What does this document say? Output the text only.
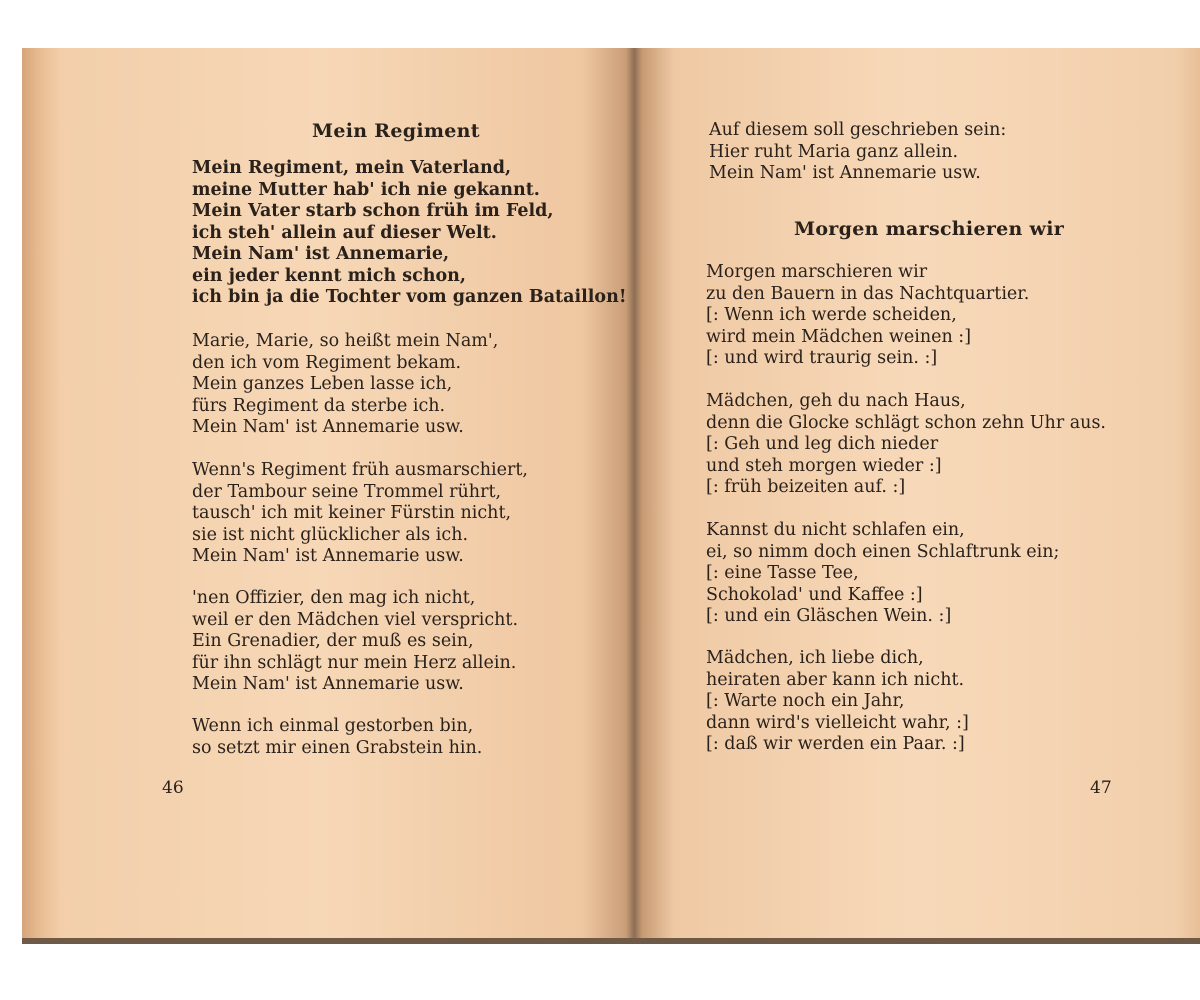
Mein Regiment
Mein Regiment, mein Vaterland,
meine Mutter hab' ich nie gekannt.
Mein Vater starb schon früh im Feld,
ich steh' allein auf dieser Welt.
Mein Nam' ist Annemarie,
ein jeder kennt mich schon,
ich bin ja die Tochter vom ganzen Bataillon!
Marie, Marie, so heißt mein Nam',
den ich vom Regiment bekam.
Mein ganzes Leben lasse ich,
fürs Regiment da sterbe ich.
Mein Nam' ist Annemarie usw.
Wenn's Regiment früh ausmarschiert,
der Tambour seine Trommel rührt,
tausch' ich mit keiner Fürstin nicht,
sie ist nicht glücklicher als ich.
Mein Nam' ist Annemarie usw.
'nen Offizier, den mag ich nicht,
weil er den Mädchen viel verspricht.
Ein Grenadier, der muß es sein,
für ihn schlägt nur mein Herz allein.
Mein Nam' ist Annemarie usw.
Wenn ich einmal gestorben bin,
so setzt mir einen Grabstein hin.
46
Auf diesem soll geschrieben sein:
Hier ruht Maria ganz allein.
Mein Nam' ist Annemarie usw.
Morgen marschieren wir
Morgen marschieren wir
zu den Bauern in das Nachtquartier.
[: Wenn ich werde scheiden,
wird mein Mädchen weinen :]
[: und wird traurig sein. :]
Mädchen, geh du nach Haus,
denn die Glocke schlägt schon zehn Uhr aus.
[: Geh und leg dich nieder
und steh morgen wieder :]
[: früh beizeiten auf. :]
Kannst du nicht schlafen ein,
ei, so nimm doch einen Schlaftrunk ein;
[: eine Tasse Tee,
Schokolad' und Kaffee :]
[: und ein Gläschen Wein. :]
Mädchen, ich liebe dich,
heiraten aber kann ich nicht.
[: Warte noch ein Jahr,
dann wird's vielleicht wahr, :]
[: daß wir werden ein Paar. :]
47
